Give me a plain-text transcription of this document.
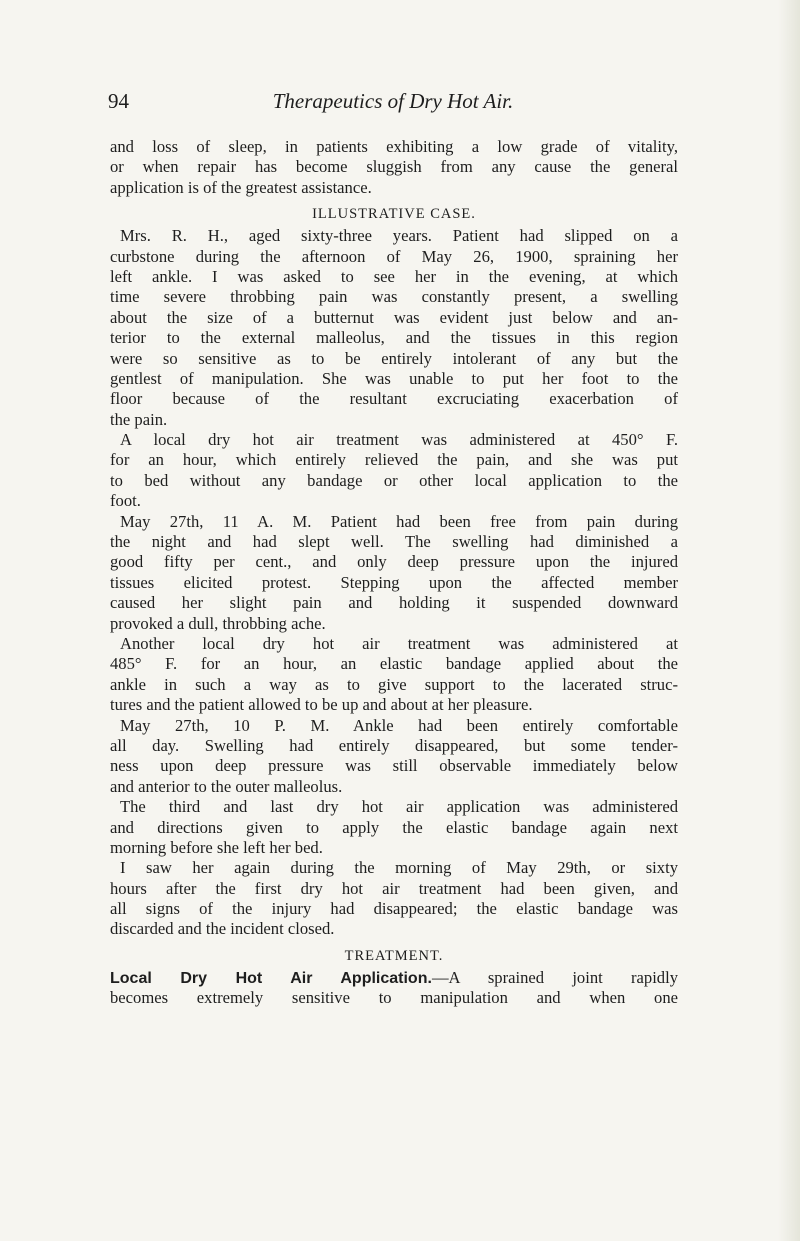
94	Therapeutics of Dry Hot Air.
and loss of sleep, in patients exhibiting a low grade of vitality,
or when repair has become sluggish from any cause the general
application is of the greatest assistance.
ILLUSTRATIVE CASE.
Mrs. R. H., aged sixty-three years. Patient had slipped on a
curbstone during the afternoon of May 26, 1900, spraining her
left ankle. I was asked to see her in the evening, at which
time severe throbbing pain was constantly present, a swelling
about the size of a butternut was evident just below and an-
terior to the external malleolus, and the tissues in this region
were so sensitive as to be entirely intolerant of any but the
gentlest of manipulation. She was unable to put her foot to the
floor because of the resultant excruciating exacerbation of
the pain.
A local dry hot air treatment was administered at 450° F.
for an hour, which entirely relieved the pain, and she was put
to bed without any bandage or other local application to the
foot.
May 27th, 11 A. M. Patient had been free from pain during
the night and had slept well. The swelling had diminished a
good fifty per cent., and only deep pressure upon the injured
tissues elicited protest. Stepping upon the affected member
caused her slight pain and holding it suspended downward
provoked a dull, throbbing ache.
Another local dry hot air treatment was administered at
485° F. for an hour, an elastic bandage applied about the
ankle in such a way as to give support to the lacerated struc-
tures and the patient allowed to be up and about at her pleasure.
May 27th, 10 P. M. Ankle had been entirely comfortable
all day. Swelling had entirely disappeared, but some tender-
ness upon deep pressure was still observable immediately below
and anterior to the outer malleolus.
The third and last dry hot air application was administered
and directions given to apply the elastic bandage again next
morning before she left her bed.
I saw her again during the morning of May 29th, or sixty
hours after the first dry hot air treatment had been given, and
all signs of the injury had disappeared; the elastic bandage was
discarded and the incident closed.
TREATMENT.
Local Dry Hot Air Application.—A sprained joint rapidly
becomes extremely sensitive to manipulation and when one
